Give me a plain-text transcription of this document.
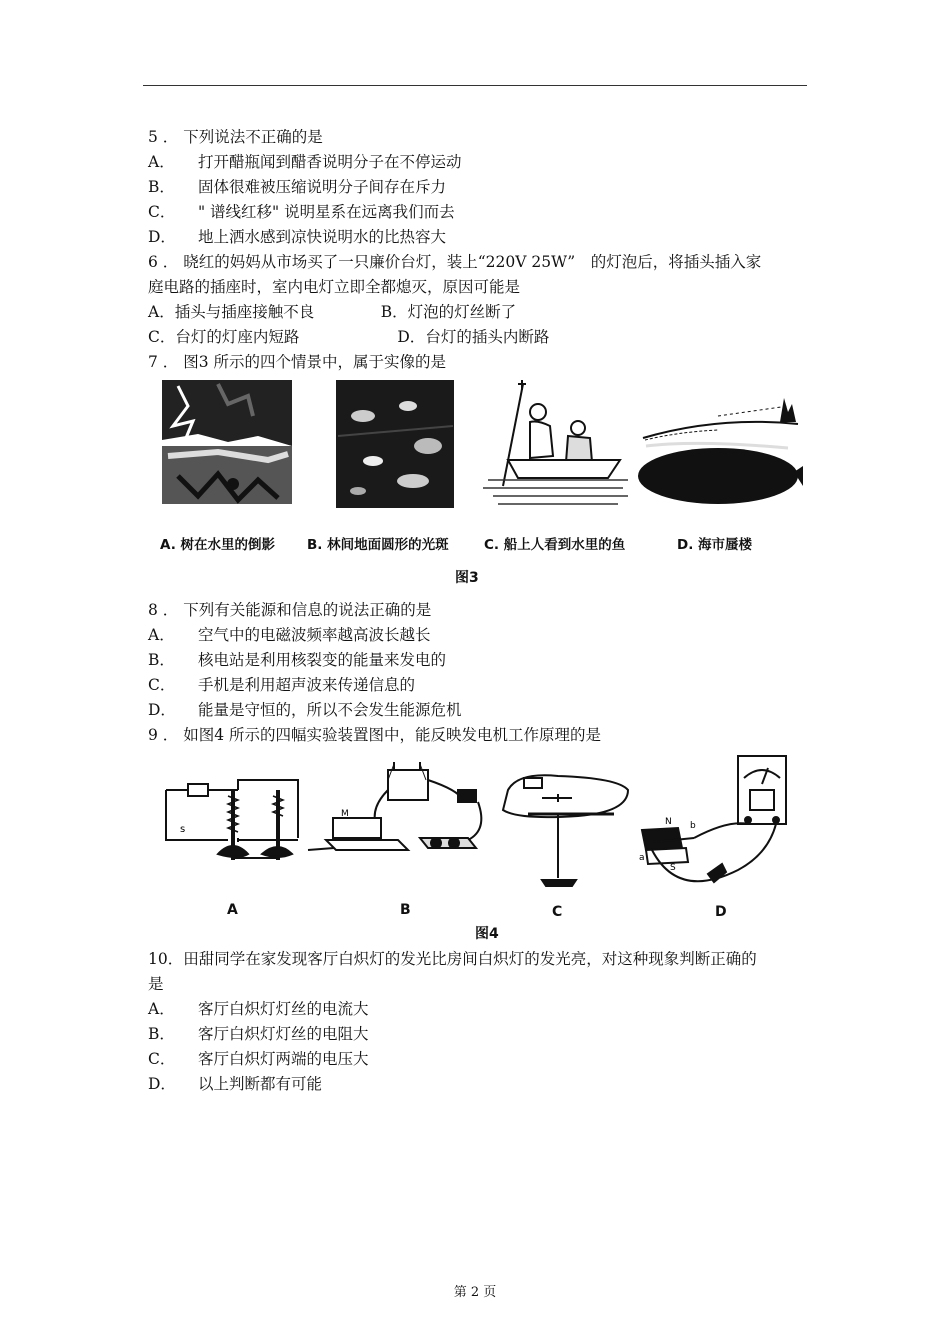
5 ． 下列说法不正确的是
A． 打开醋瓶闻到醋香说明分子在不停运动
B． 固体很难被压缩说明分子间存在斥力
C． " 谱线红移" 说明星系在远离我们而去
D． 地上洒水感到凉快说明水的比热容大
6 ． 晓红的妈妈从市场买了一只廉价台灯，装上“220V 25W”　的灯泡后，将插头插入家
庭电路的插座时，室内电灯立即全都熄灭，原因可能是
A．插头与插座接触不良	B．灯泡的灯丝断了
C．台灯的灯座内短路	D．台灯的插头内断路
7 ． 图3 所示的四个情景中，属于实像的是
A. 树在水里的倒影 B. 林间地面圆形的光斑	C. 船上人看到水里的鱼	D. 海市蜃楼
图3
8 ． 下列有关能源和信息的说法正确的是
A． 空气中的电磁波频率越高波长越长
B． 核电站是利用核裂变的能量来发电的
C． 手机是利用超声波来传递信息的
D． 能量是守恒的，所以不会发生能源危机
9 ． 如图4 所示的四幅实验装置图中，能反映发电机工作原理的是
s
M
N
S
a
b
A	B	C	D
图4
10．田甜同学在家发现客厅白炽灯的发光比房间白炽灯的发光亮，对这种现象判断正确的
是
A． 客厅白炽灯灯丝的电流大
B． 客厅白炽灯灯丝的电阻大
C． 客厅白炽灯两端的电压大
D． 以上判断都有可能
第 2 页
